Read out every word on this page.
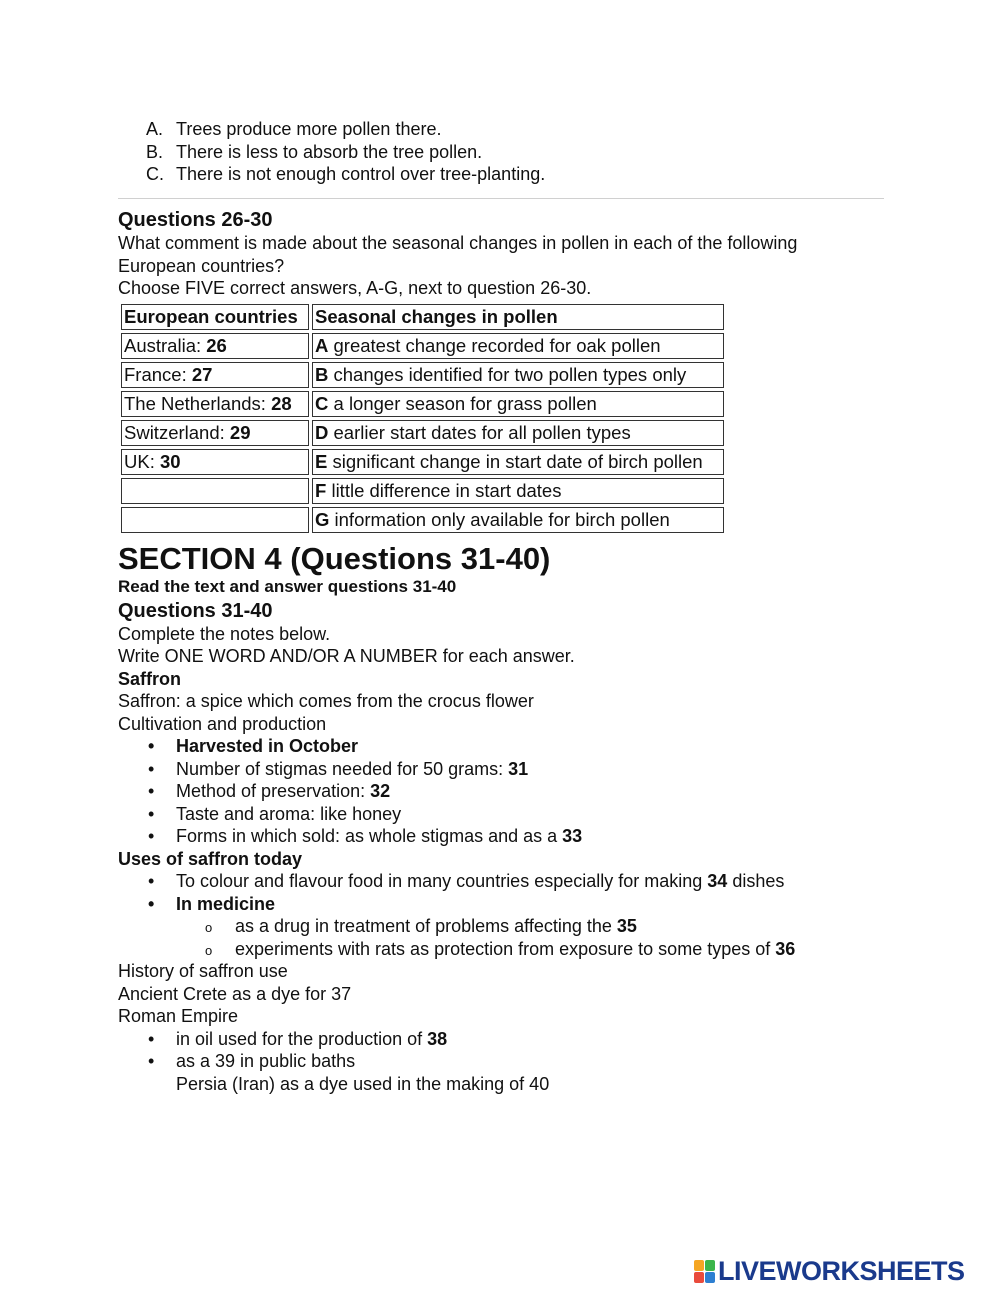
A. Trees produce more pollen there.
B. There is less to absorb the tree pollen.
C. There is not enough control over tree-planting.
Questions 26-30
What comment is made about the seasonal changes in pollen in each of the following European countries?
Choose FIVE correct answers, A-G, next to question 26-30.
European countries	Seasonal changes in pollen
Australia: 26	A greatest change recorded for oak pollen
France: 27	B changes identified for two pollen types only
The Netherlands: 28	C a longer season for grass pollen
Switzerland: 29	D earlier start dates for all pollen types
UK: 30	E significant change in start date of birch pollen
	F little difference in start dates
	G information only available for birch pollen
SECTION 4 (Questions 31-40)
Read the text and answer questions 31-40
Questions 31-40
Complete the notes below.
Write ONE WORD AND/OR A NUMBER for each answer.
Saffron
Saffron: a spice which comes from the crocus flower
Cultivation and production
• Harvested in October
• Number of stigmas needed for 50 grams: 31
• Method of preservation: 32
• Taste and aroma: like honey
• Forms in which sold: as whole stigmas and as a 33
Uses of saffron today
• To colour and flavour food in many countries especially for making 34 dishes
• In medicine
o as a drug in treatment of problems affecting the 35
o experiments with rats as protection from exposure to some types of 36
History of saffron use
Ancient Crete as a dye for 37
Roman Empire
• in oil used for the production of 38
• as a 39 in public baths
Persia (Iran) as a dye used in the making of 40
LIVEWORKSHEETS
